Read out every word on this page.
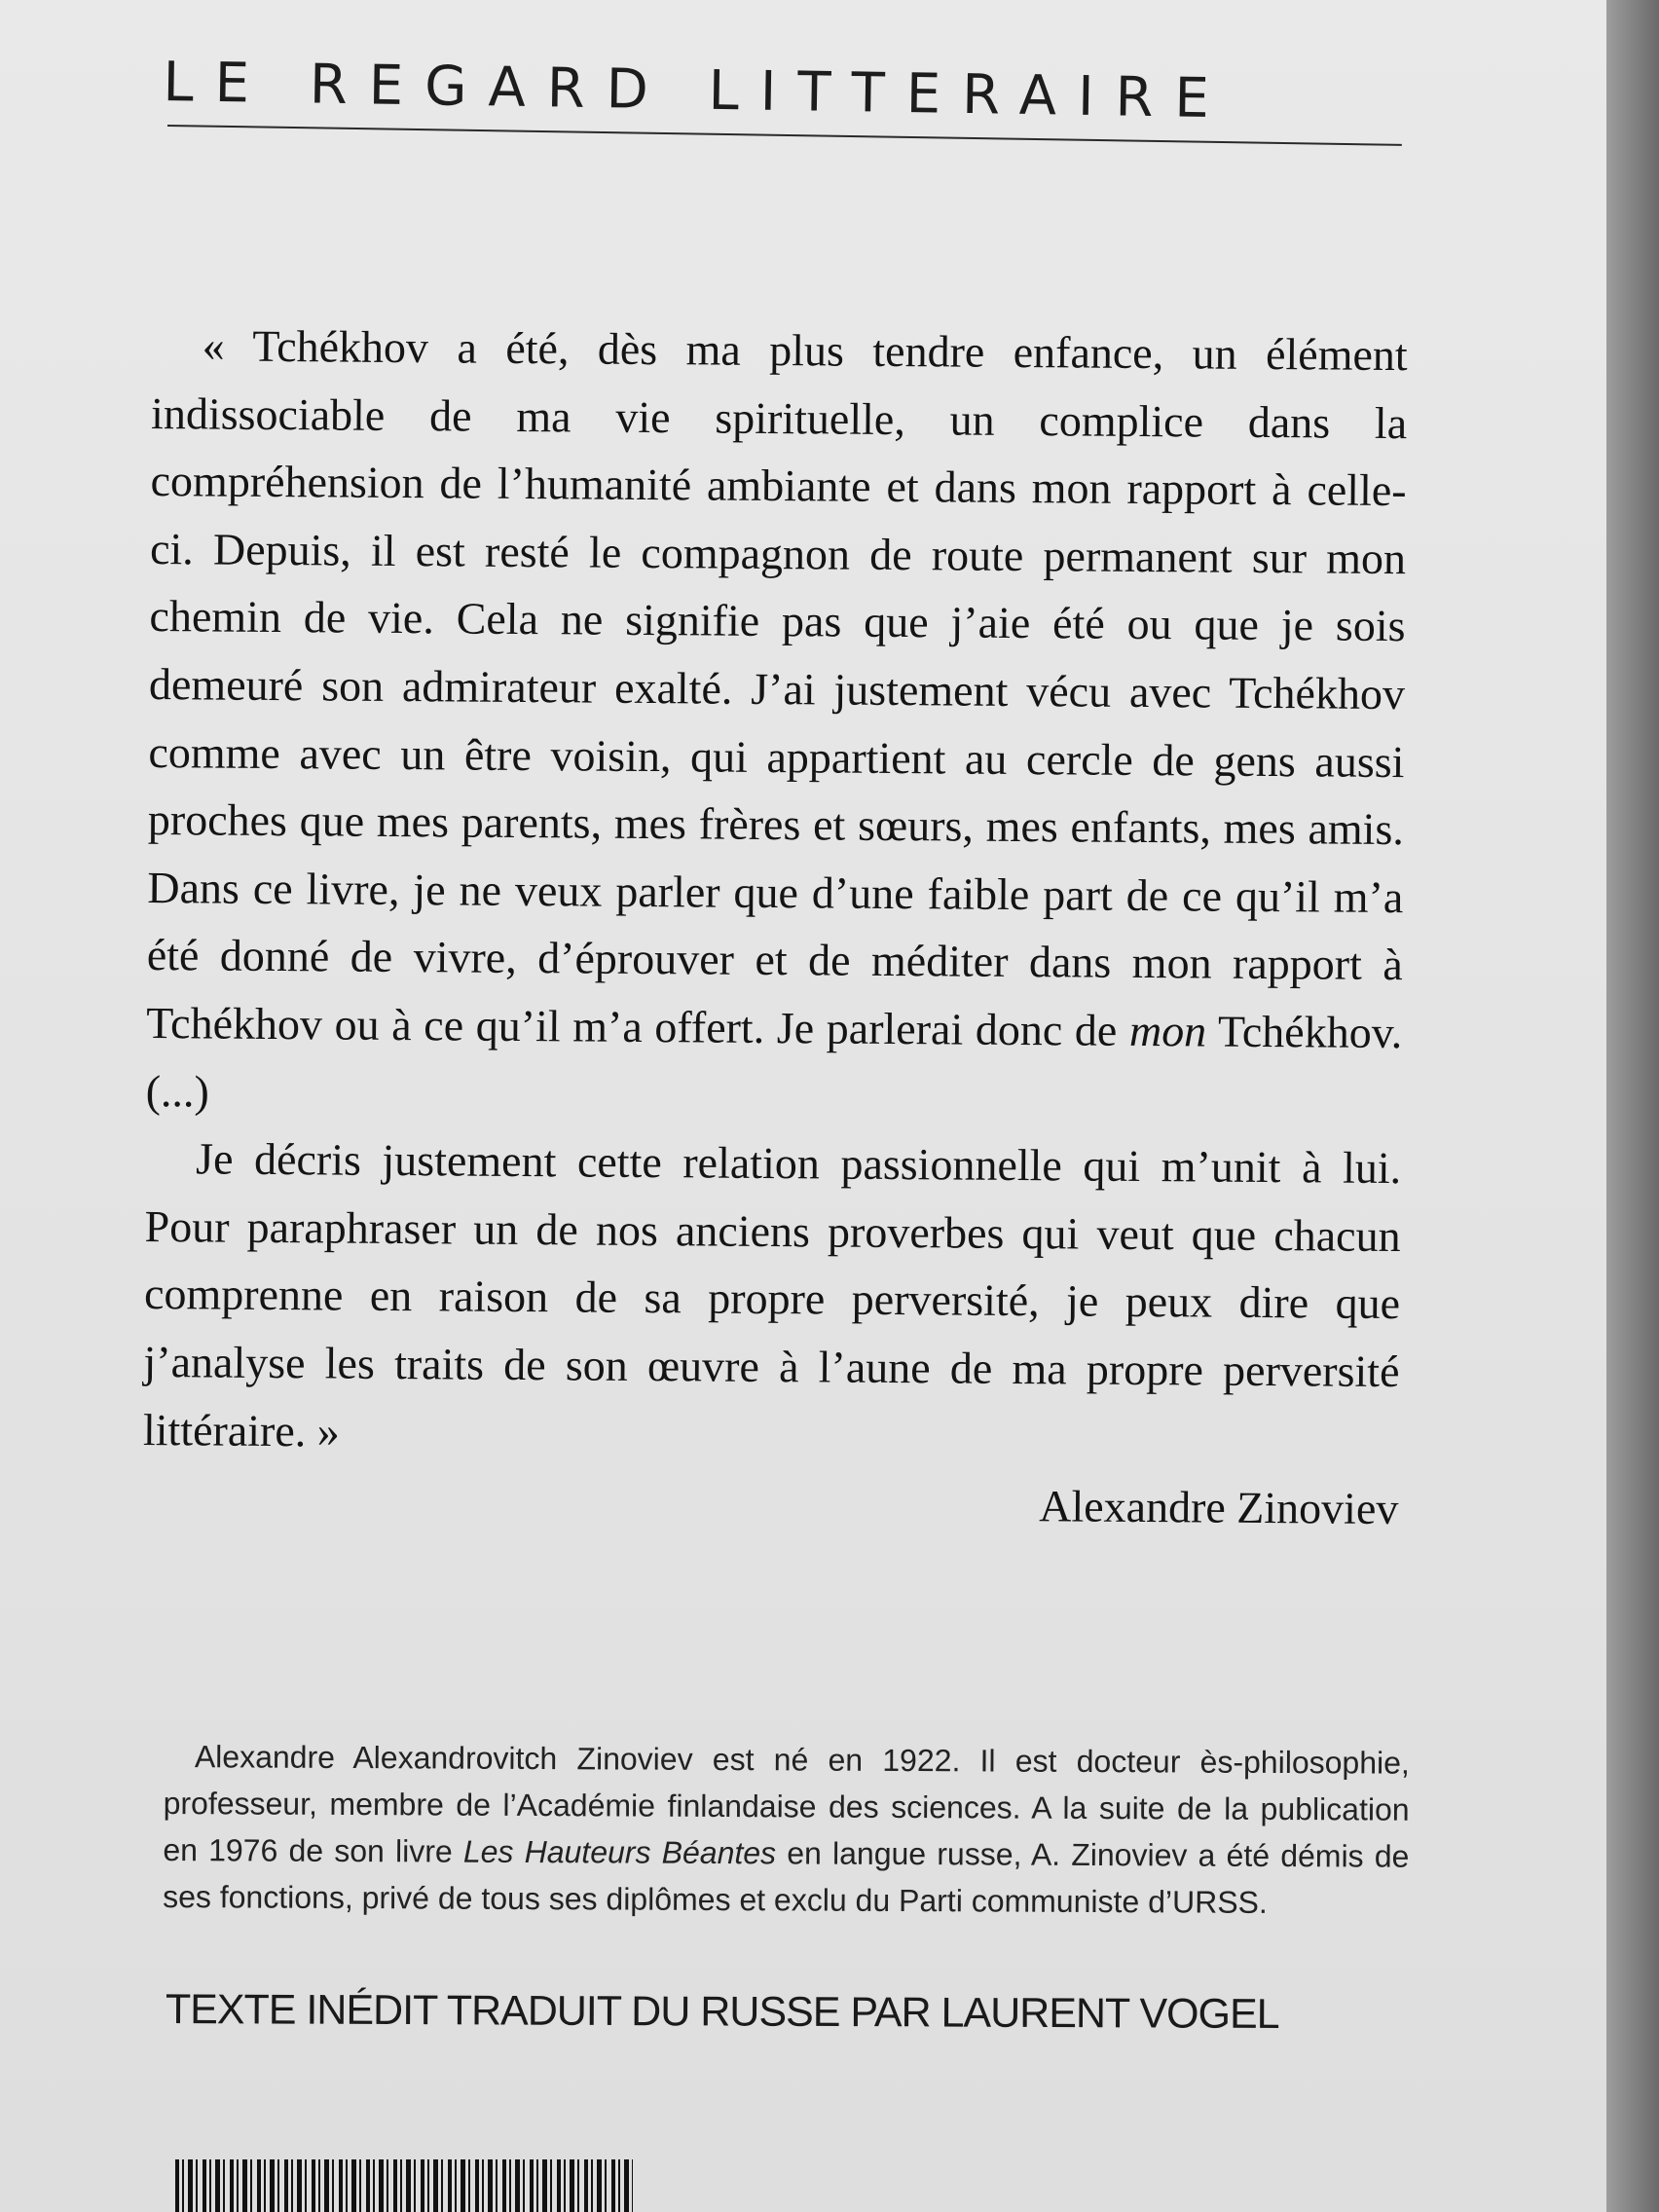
LE REGARD LITTERAIRE

« Tchékhov a été, dès ma plus tendre enfance, un élément indissociable de ma vie spirituelle, un complice dans la compréhension de l’humanité ambiante et dans mon rapport à celle-ci. Depuis, il est resté le compagnon de route permanent sur mon chemin de vie. Cela ne signifie pas que j’aie été ou que je sois demeuré son admirateur exalté. J’ai justement vécu avec Tchékhov comme avec un être voisin, qui appartient au cercle de gens aussi proches que mes parents, mes frères et sœurs, mes enfants, mes amis. Dans ce livre, je ne veux parler que d’une faible part de ce qu’il m’a été donné de vivre, d’éprouver et de méditer dans mon rapport à Tchékhov ou à ce qu’il m’a offert. Je parlerai donc de mon Tchékhov. (...)

Je décris justement cette relation passionnelle qui m’unit à lui. Pour paraphraser un de nos anciens proverbes qui veut que chacun comprenne en raison de sa propre perversité, je peux dire que j’analyse les traits de son œuvre à l’aune de ma propre perversité littéraire. »

Alexandre Zinoviev

Alexandre Alexandrovitch Zinoviev est né en 1922. Il est docteur ès-philosophie, professeur, membre de l’Académie finlandaise des sciences. A la suite de la publication en 1976 de son livre Les Hauteurs Béantes en langue russe, A. Zinoviev a été démis de ses fonctions, privé de tous ses diplômes et exclu du Parti communiste d’URSS.

TEXTE INÉDIT TRADUIT DU RUSSE PAR LAURENT VOGEL
